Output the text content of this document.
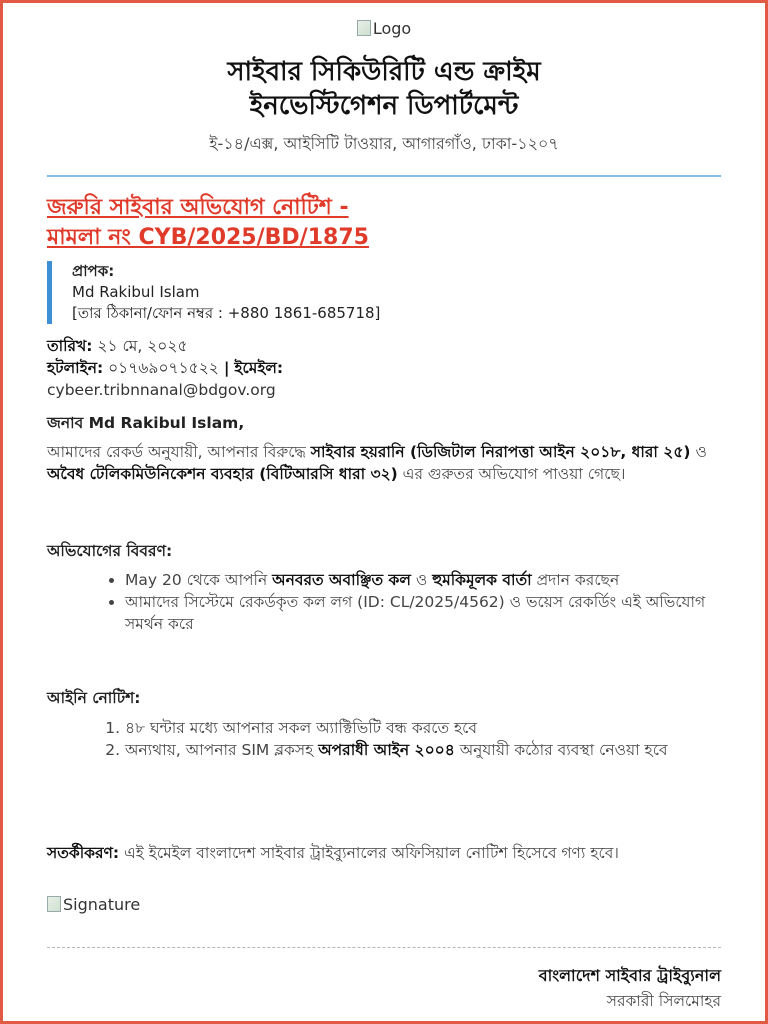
Logo
সাইবার সিকিউরিটি এন্ড ক্রাইম
ইনভেস্টিগেশন ডিপার্টমেন্ট
ই-১৪/এক্স, আইসিটি টাওয়ার, আগারগাঁও, ঢাকা-১২০৭
জরুরি সাইবার অভিযোগ নোটিশ -
মামলা নং CYB/2025/BD/1875
প্রাপক:
Md Rakibul Islam
[তার ঠিকানা/ফোন নম্বর : +880 1861-685718]
তারিখ: ২১ মে, ২০২৫
হটলাইন: ০১৭৬৯০৭১৫২২ | ইমেইল:
cybeer.tribnnanal@bdgov.org
জনাব Md Rakibul Islam,
আমাদের রেকর্ড অনুযায়ী, আপনার বিরুদ্ধে সাইবার হয়রানি (ডিজিটাল নিরাপত্তা আইন ২০১৮, ধারা ২৫) ও অবৈধ টেলিকমিউনিকেশন ব্যবহার (বিটিআরসি ধারা ৩২) এর গুরুতর অভিযোগ পাওয়া গেছে।
অভিযোগের বিবরণ:
• May 20 থেকে আপনি অনবরত অবাঞ্ছিত কল ও হুমকিমূলক বার্তা প্রদান করছেন
• আমাদের সিস্টেমে রেকর্ডকৃত কল লগ (ID: CL/2025/4562) ও ভয়েস রেকর্ডিং এই অভিযোগ সমর্থন করে
আইনি নোটিশ:
1. ৪৮ ঘন্টার মধ্যে আপনার সকল অ্যাক্টিভিটি বন্ধ করতে হবে
2. অন্যথায়, আপনার SIM ব্লকসহ অপরাধী আইন ২০০৪ অনুযায়ী কঠোর ব্যবস্থা নেওয়া হবে
সতর্কীকরণ: এই ইমেইল বাংলাদেশ সাইবার ট্রাইব্যুনালের অফিসিয়াল নোটিশ হিসেবে গণ্য হবে।
Signature
বাংলাদেশ সাইবার ট্রাইব্যুনাল
সরকারী সিলমোহর
